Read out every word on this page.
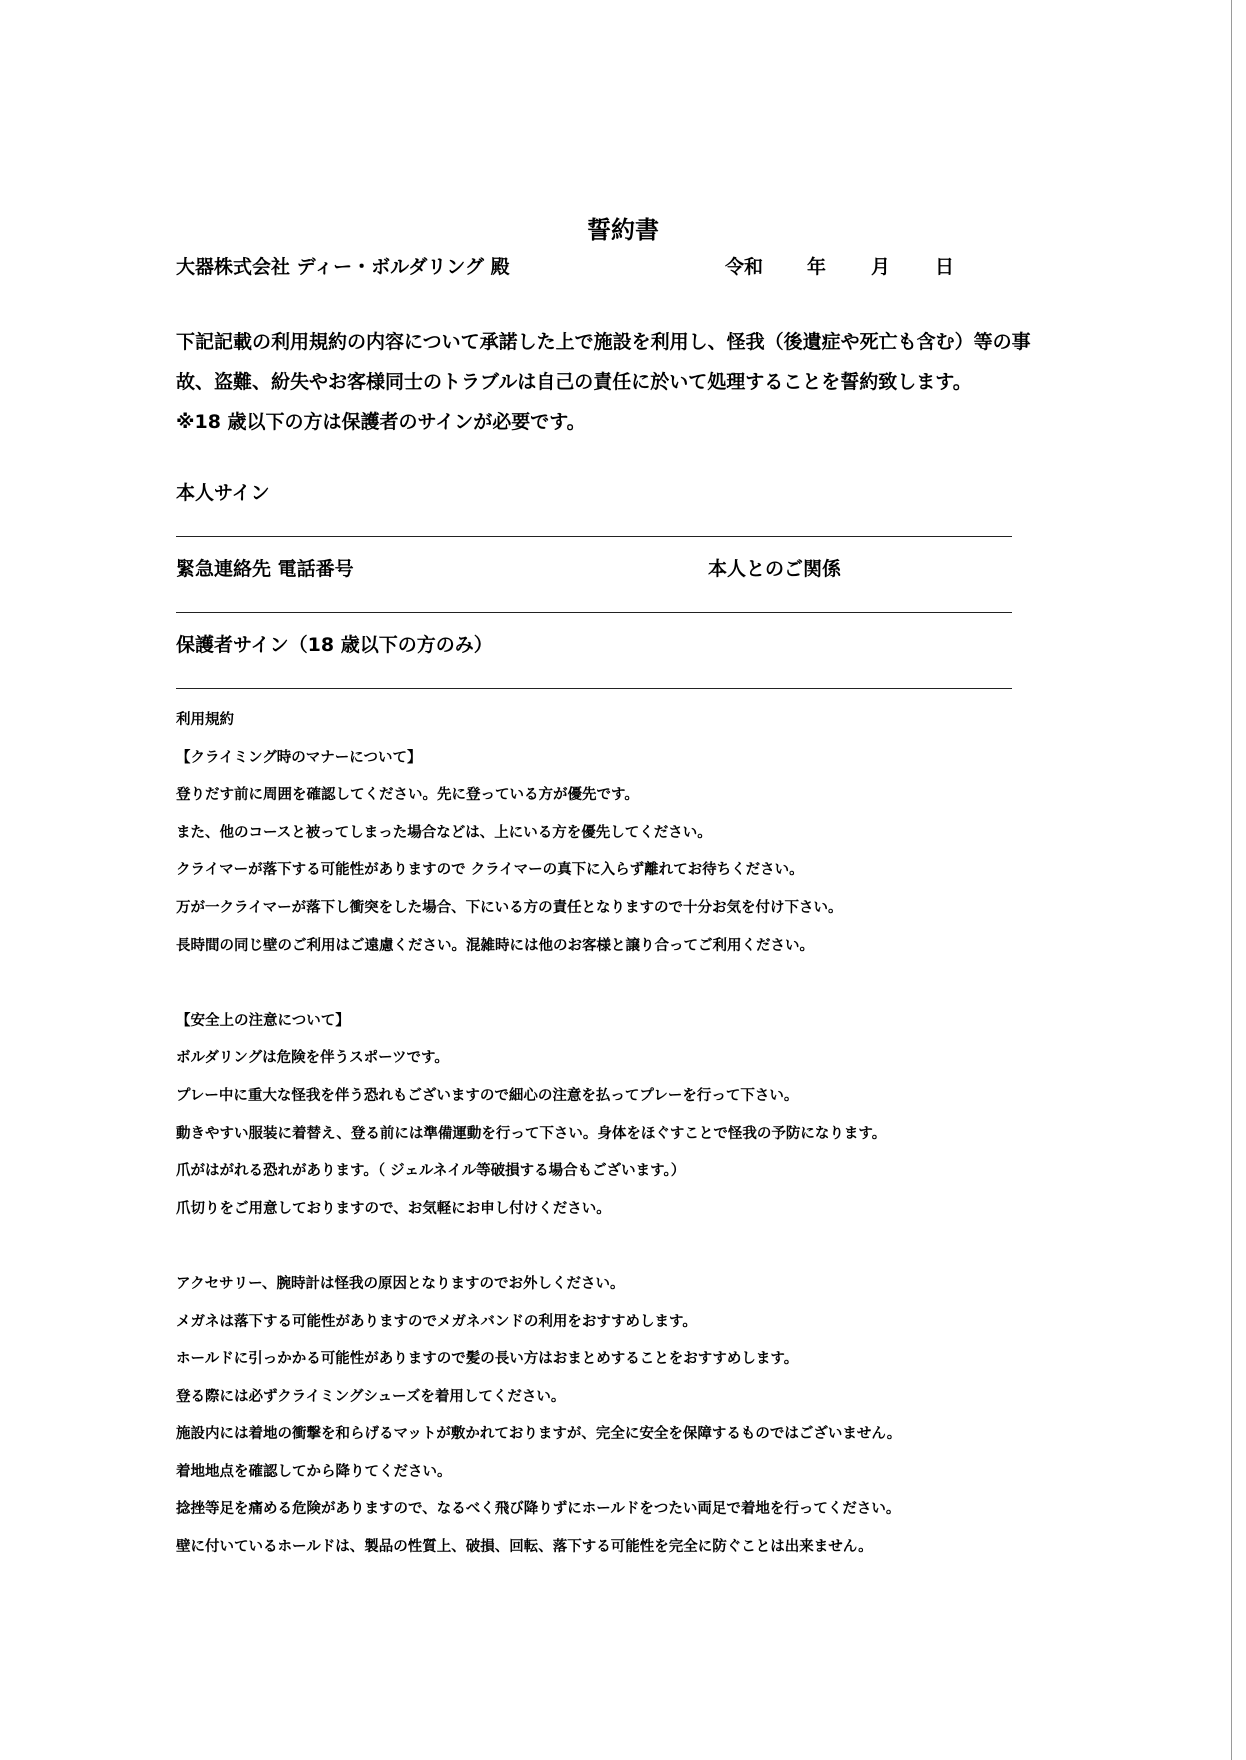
誓約書
大器株式会社 ディー・ボルダリング 殿	令和 年 月 日
下記記載の利用規約の内容について承諾した上で施設を利用し、怪我（後遺症や死亡も含む）等の事
故、盗難、紛失やお客様同士のトラブルは自己の責任に於いて処理することを誓約致します。
※18 歳以下の方は保護者のサインが必要です。
本人サイン
緊急連絡先 電話番号	本人とのご関係
保護者サイン（18 歳以下の方のみ）
利用規約
【クライミング時のマナーについて】
登りだす前に周囲を確認してください。先に登っている方が優先です。
また、他のコースと被ってしまった場合などは、上にいる方を優先してください。
クライマーが落下する可能性がありますので クライマーの真下に入らず離れてお待ちください。
万が一クライマーが落下し衝突をした場合、下にいる方の責任となりますので十分お気を付け下さい。
長時間の同じ壁のご利用はご遠慮ください。混雑時には他のお客様と譲り合ってご利用ください。
【安全上の注意について】
ボルダリングは危険を伴うスポーツです。
プレー中に重大な怪我を伴う恐れもございますので細心の注意を払ってプレーを行って下さい。
動きやすい服装に着替え、登る前には準備運動を行って下さい。身体をほぐすことで怪我の予防になります。
爪がはがれる恐れがあります。（ ジェルネイル等破損する場合もございます。）
爪切りをご用意しておりますので、お気軽にお申し付けください。
アクセサリー、腕時計は怪我の原因となりますのでお外しください。
メガネは落下する可能性がありますのでメガネバンドの利用をおすすめします。
ホールドに引っかかる可能性がありますので髪の長い方はおまとめすることをおすすめします。
登る際には必ずクライミングシューズを着用してください。
施設内には着地の衝撃を和らげるマットが敷かれておりますが、完全に安全を保障するものではございません。
着地地点を確認してから降りてください。
捻挫等足を痛める危険がありますので、なるべく飛び降りずにホールドをつたい両足で着地を行ってください。
壁に付いているホールドは、製品の性質上、破損、回転、落下する可能性を完全に防ぐことは出来ません。
